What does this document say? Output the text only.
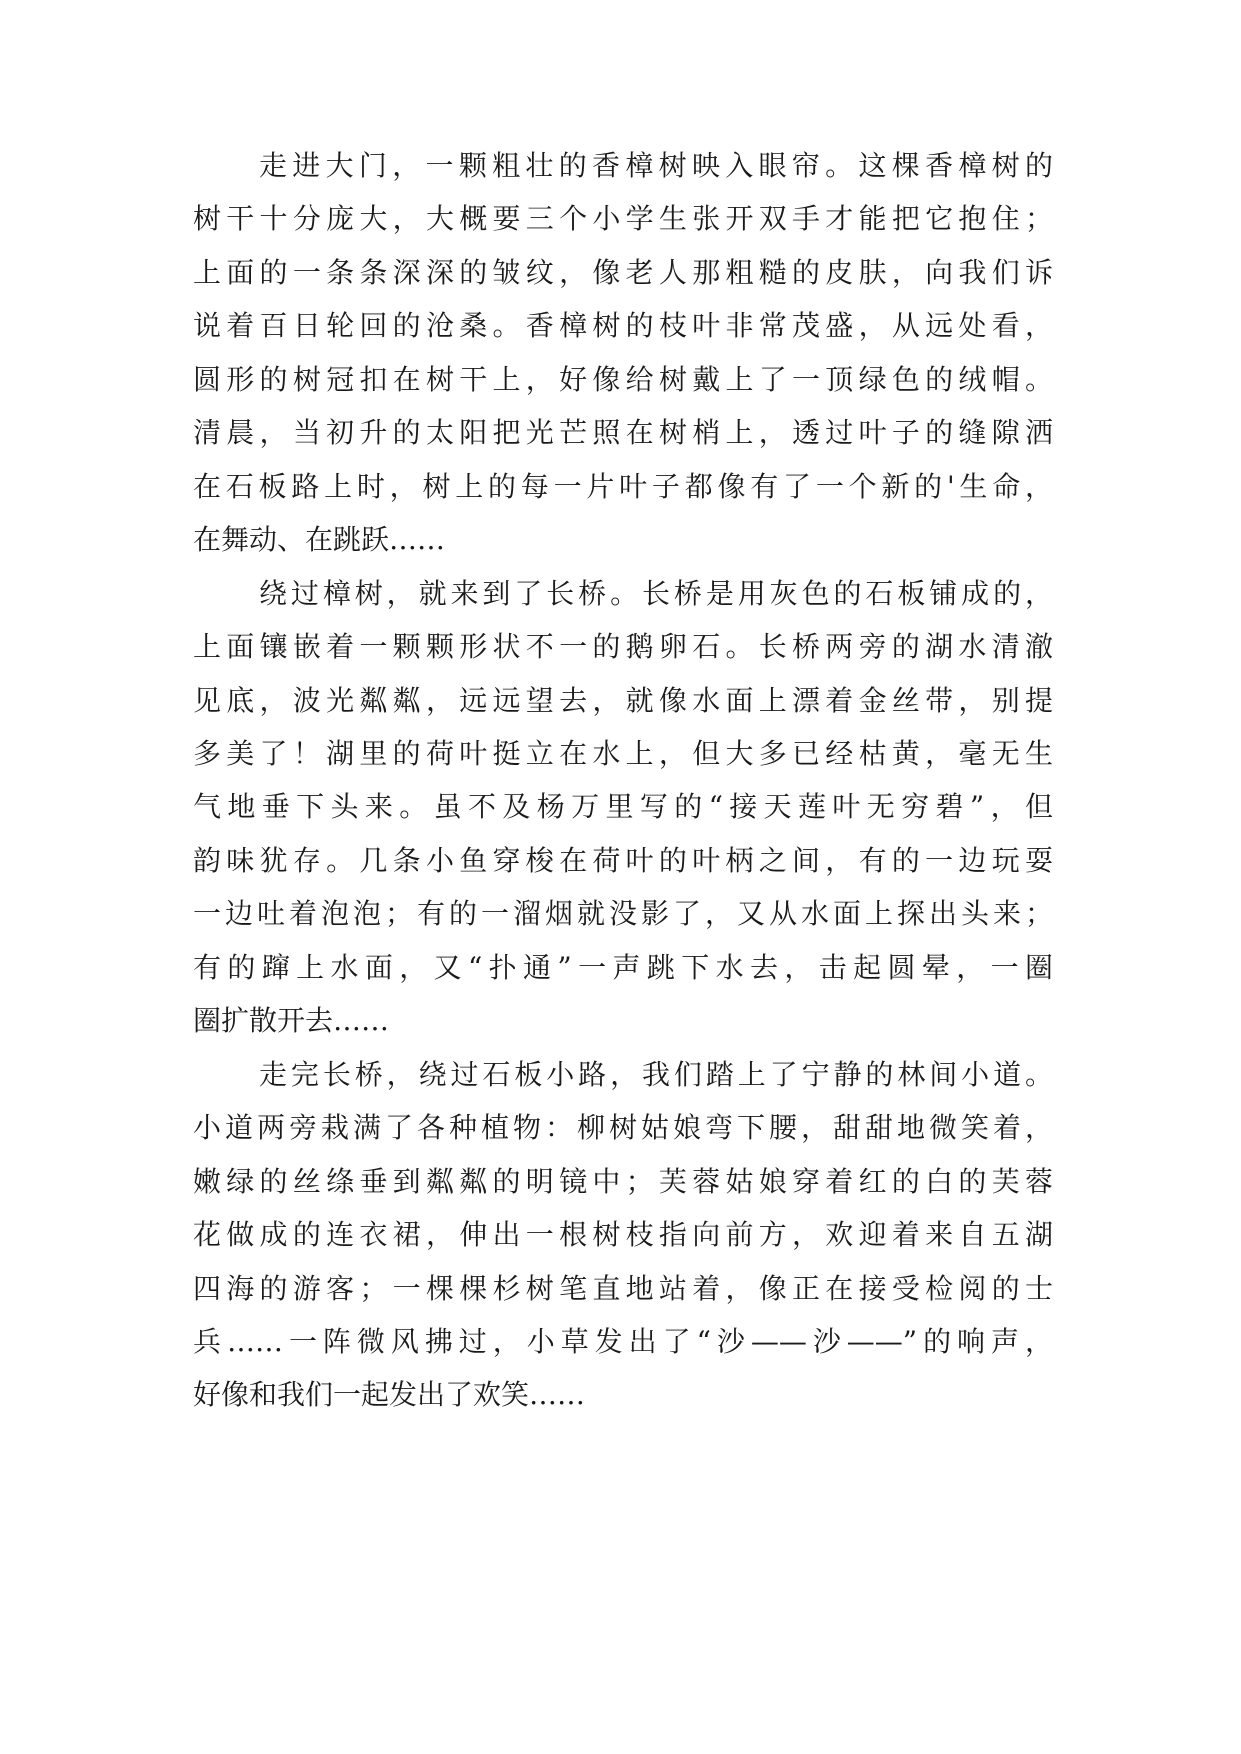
走进大门，一颗粗壮的香樟树映入眼帘。这棵香樟树的
树干十分庞大，大概要三个小学生张开双手才能把它抱住；
上面的一条条深深的皱纹，像老人那粗糙的皮肤，向我们诉
说着百日轮回的沧桑。香樟树的枝叶非常茂盛，从远处看，
圆形的树冠扣在树干上，好像给树戴上了一顶绿色的绒帽。
清晨，当初升的太阳把光芒照在树梢上，透过叶子的缝隙洒
在石板路上时，树上的每一片叶子都像有了一个新的'生命，
在舞动、在跳跃……
绕过樟树，就来到了长桥。长桥是用灰色的石板铺成的，
上面镶嵌着一颗颗形状不一的鹅卵石。长桥两旁的湖水清澈
见底，波光粼粼，远远望去，就像水面上漂着金丝带，别提
多美了！湖里的荷叶挺立在水上，但大多已经枯黄，毫无生
气地垂下头来。虽不及杨万里写的“接天莲叶无穷碧”，但
韵味犹存。几条小鱼穿梭在荷叶的叶柄之间，有的一边玩耍
一边吐着泡泡；有的一溜烟就没影了，又从水面上探出头来；
有的蹿上水面，又“扑通”一声跳下水去，击起圆晕，一圈
圈扩散开去……
走完长桥，绕过石板小路，我们踏上了宁静的林间小道。
小道两旁栽满了各种植物：柳树姑娘弯下腰，甜甜地微笑着，
嫩绿的丝绦垂到粼粼的明镜中；芙蓉姑娘穿着红的白的芙蓉
花做成的连衣裙，伸出一根树枝指向前方，欢迎着来自五湖
四海的游客；一棵棵杉树笔直地站着，像正在接受检阅的士
兵……一阵微风拂过，小草发出了“沙——沙——”的响声，
好像和我们一起发出了欢笑……
